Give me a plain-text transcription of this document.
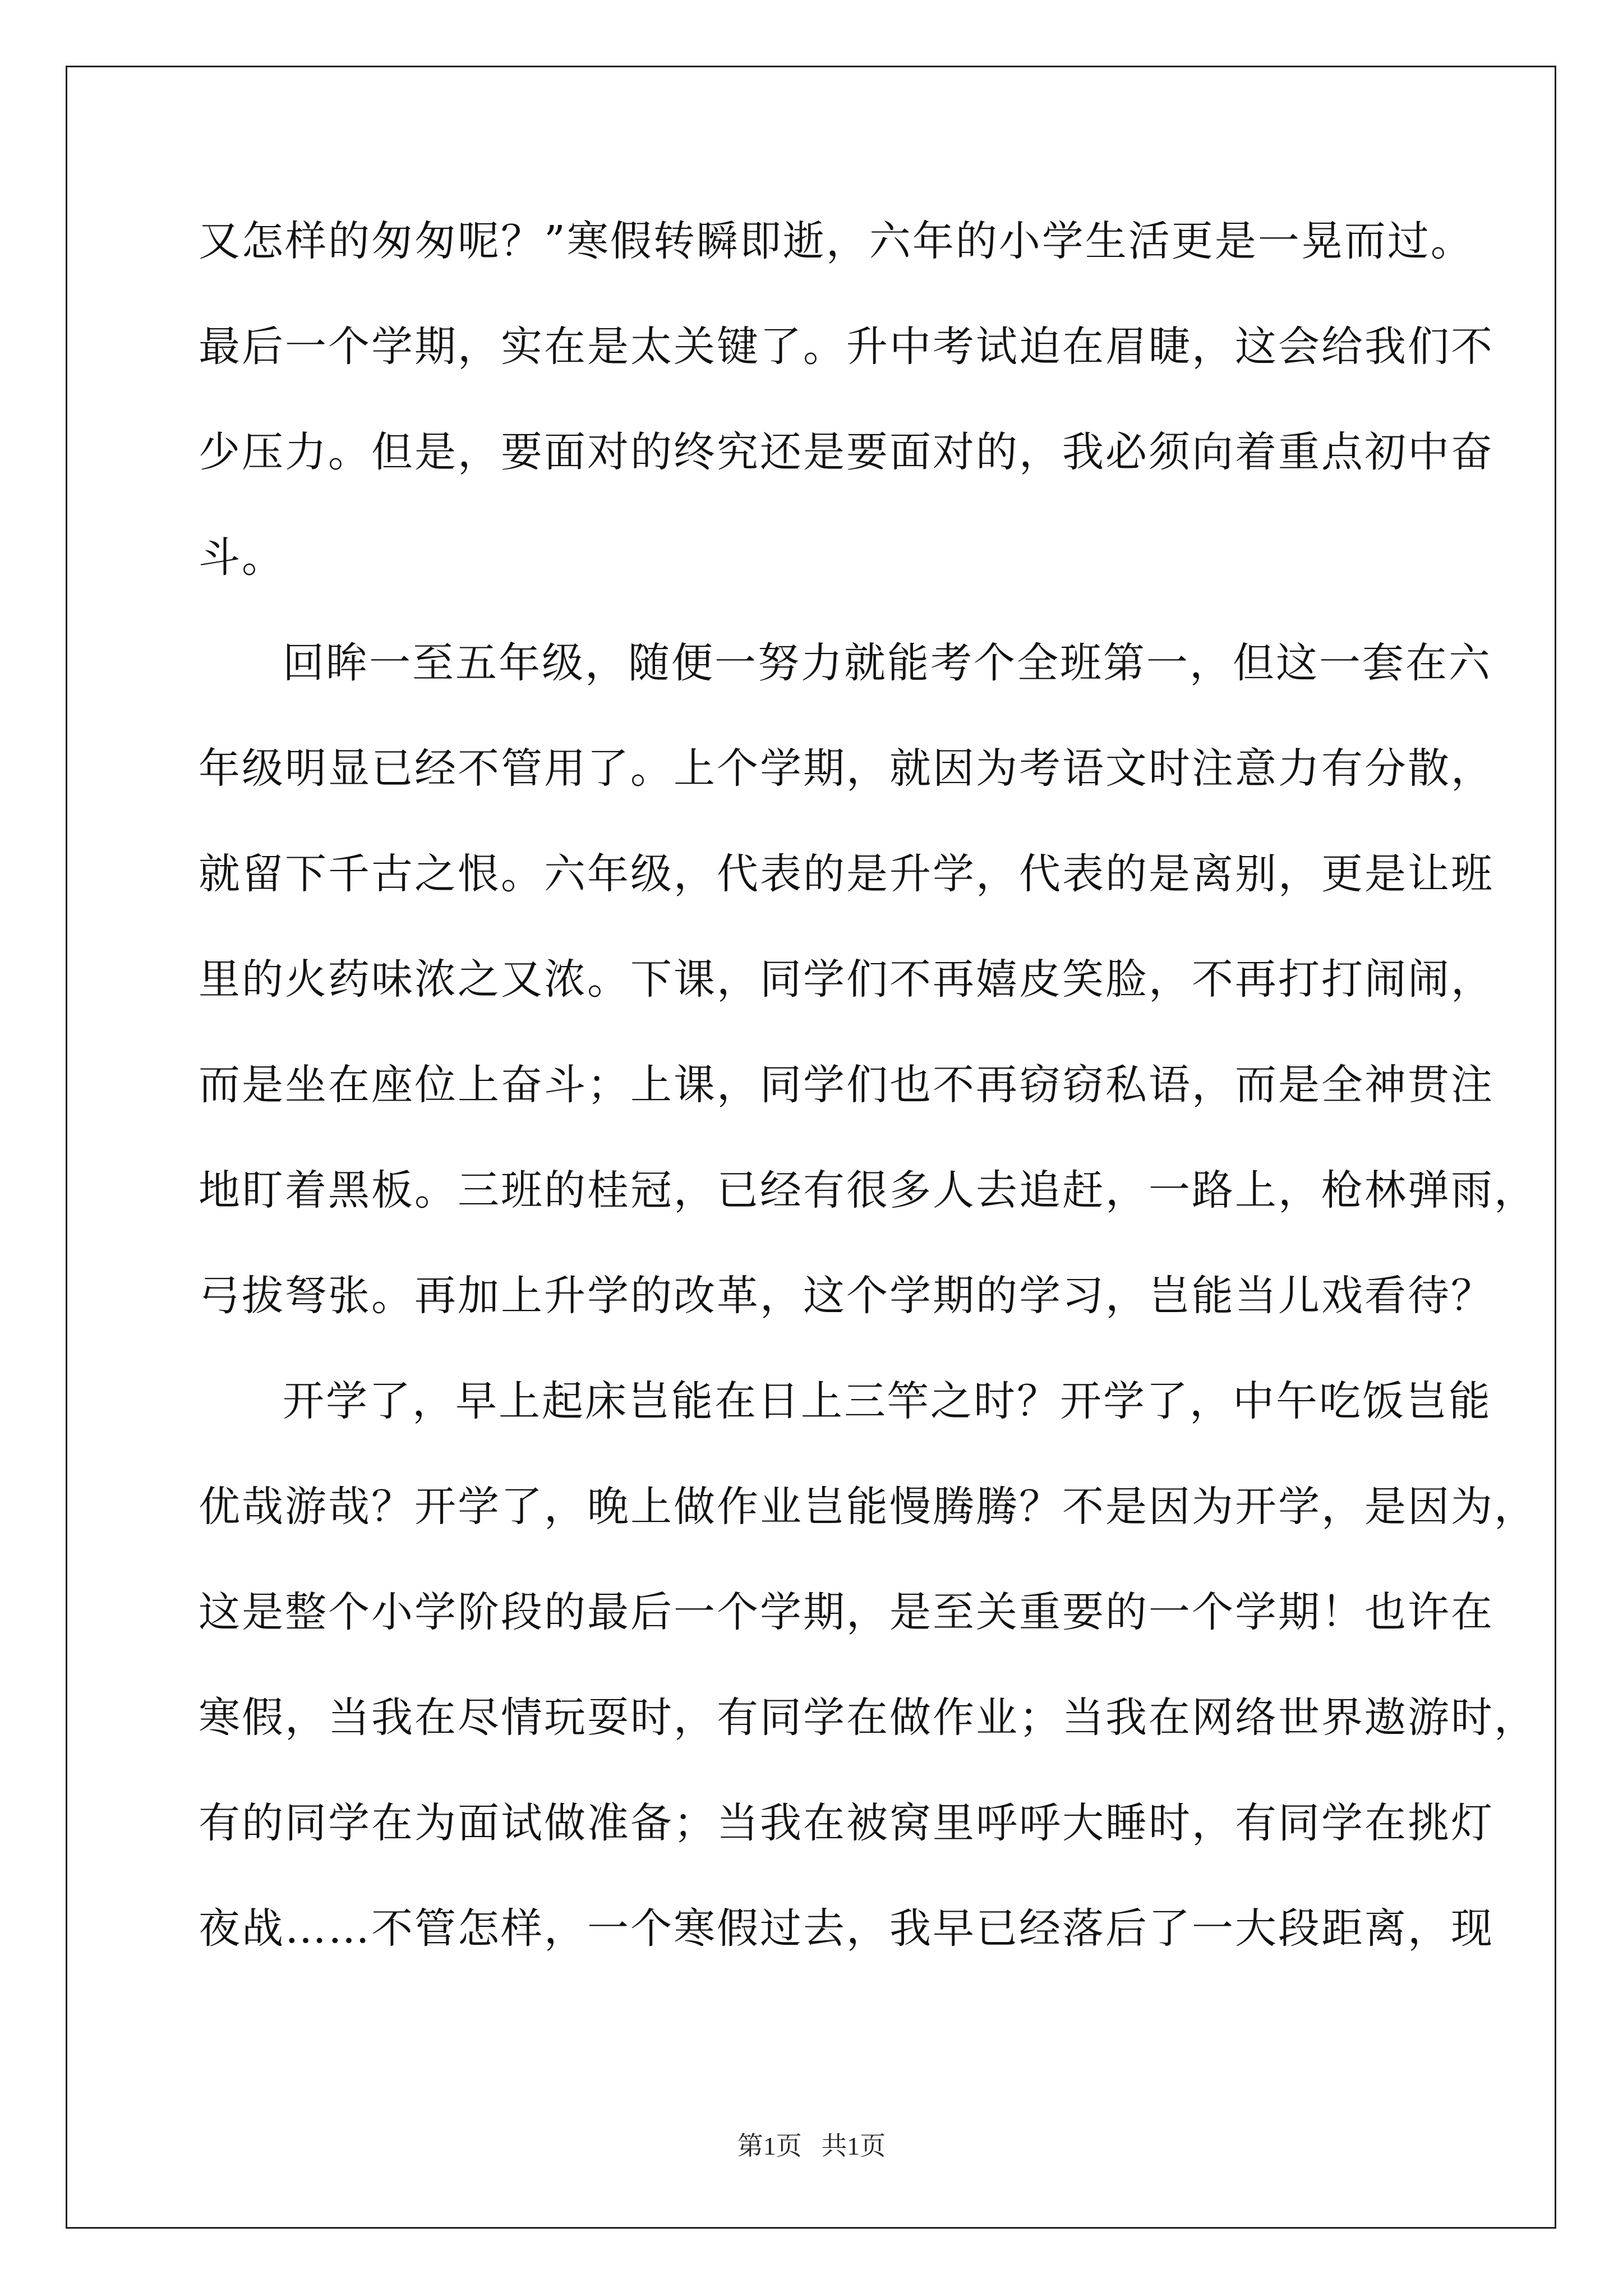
又怎样的匆匆呢？”寒假转瞬即逝，六年的小学生活更是一晃而过。
最后一个学期，实在是太关键了。升中考试迫在眉睫，这会给我们不
少压力。但是，要面对的终究还是要面对的，我必须向着重点初中奋
斗。
回眸一至五年级，随便一努力就能考个全班第一，但这一套在六
年级明显已经不管用了。上个学期，就因为考语文时注意力有分散，
就留下千古之恨。六年级，代表的是升学，代表的是离别，更是让班
里的火药味浓之又浓。下课，同学们不再嬉皮笑脸，不再打打闹闹，
而是坐在座位上奋斗；上课，同学们也不再窃窃私语，而是全神贯注
地盯着黑板。三班的桂冠，已经有很多人去追赶，一路上，枪林弹雨，
弓拔弩张。再加上升学的改革，这个学期的学习，岂能当儿戏看待？
开学了，早上起床岂能在日上三竿之时？开学了，中午吃饭岂能
优哉游哉？开学了，晚上做作业岂能慢腾腾？不是因为开学，是因为，
这是整个小学阶段的最后一个学期，是至关重要的一个学期！也许在
寒假，当我在尽情玩耍时，有同学在做作业；当我在网络世界遨游时，
有的同学在为面试做准备；当我在被窝里呼呼大睡时，有同学在挑灯
夜战……不管怎样，一个寒假过去，我早已经落后了一大段距离，现
第1页 共1页
